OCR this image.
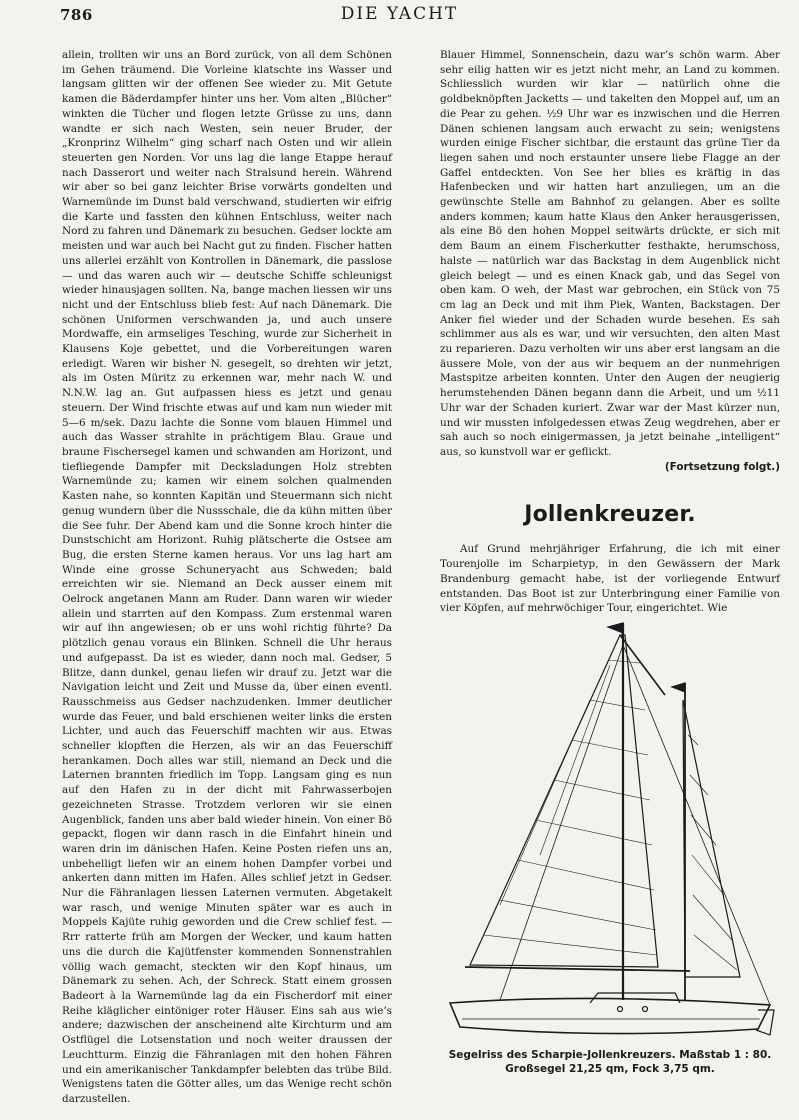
786	DIE YACHT

allein, trollten wir uns an Bord zurück, von all dem Schönen im Gehen träumend. Die Vorleine klatschte ins Wasser und langsam glitten wir der offenen See wieder zu. Mit Getute kamen die Bäderdampfer hinter uns her. Vom alten „Blücher“ winkten die Tücher und flogen letzte Grüsse zu uns, dann wandte er sich nach Westen, sein neuer Bruder, der „Kronprinz Wilhelm“ ging scharf nach Osten und wir allein steuerten gen Norden. Vor uns lag die lange Etappe herauf nach Dasserort und weiter nach Stralsund herein. Während wir aber so bei ganz leichter Brise vorwärts gondelten und Warnemünde im Dunst bald verschwand, studierten wir eifrig die Karte und fassten den kühnen Entschluss, weiter nach Nord zu fahren und Dänemark zu besuchen. Gedser lockte am meisten und war auch bei Nacht gut zu finden. Fischer hatten uns allerlei erzählt von Kontrollen in Dänemark, die passlose — und das waren auch wir — deutsche Schiffe schleunigst wieder hinausjagen sollten. Na, bange machen liessen wir uns nicht und der Entschluss blieb fest: Auf nach Dänemark. Die schönen Uniformen verschwanden ja, und auch unsere Mordwaffe, ein armseliges Tesching, wurde zur Sicherheit in Klausens Koje gebettet, und die Vorbereitungen waren erledigt. Waren wir bisher N. gesegelt, so drehten wir jetzt, als im Osten Müritz zu erkennen war, mehr nach W. und N.N.W. lag an. Gut aufpassen hiess es jetzt und genau steuern. Der Wind frischte etwas auf und kam nun wieder mit 5—6 m/sek. Dazu lachte die Sonne vom blauen Himmel und auch das Wasser strahlte in prächtigem Blau. Graue und braune Fischersegel kamen und schwanden am Horizont, und tiefliegende Dampfer mit Decksladungen Holz strebten Warnemünde zu; kamen wir einem solchen qualmenden Kasten nahe, so konnten Kapitän und Steuermann sich nicht genug wundern über die Nussschale, die da kühn mitten über die See fuhr. Der Abend kam und die Sonne kroch hinter die Dunstschicht am Horizont. Ruhig plätscherte die Ostsee am Bug, die ersten Sterne kamen heraus. Vor uns lag hart am Winde eine grosse Schuneryacht aus Schweden; bald erreichten wir sie. Niemand an Deck ausser einem mit Oelrock angetanen Mann am Ruder. Dann waren wir wieder allein und starrten auf den Kompass. Zum erstenmal waren wir auf ihn angewiesen; ob er uns wohl richtig führte? Da plötzlich genau voraus ein Blinken. Schnell die Uhr heraus und aufgepasst. Da ist es wieder, dann noch mal. Gedser, 5 Blitze, dann dunkel, genau liefen wir drauf zu. Jetzt war die Navigation leicht und Zeit und Musse da, über einen eventl. Rausschmeiss aus Gedser nachzudenken. Immer deutlicher wurde das Feuer, und bald erschienen weiter links die ersten Lichter, und auch das Feuerschiff machten wir aus. Etwas schneller klopften die Herzen, als wir an das Feuerschiff herankamen. Doch alles war still, niemand an Deck und die Laternen brannten friedlich im Topp. Langsam ging es nun auf den Hafen zu in der dicht mit Fahrwasserbojen gezeichneten Strasse. Trotzdem verloren wir sie einen Augenblick, fanden uns aber bald wieder hinein. Von einer Bö gepackt, flogen wir dann rasch in die Einfahrt hinein und waren drin im dänischen Hafen. Keine Posten riefen uns an, unbehelligt liefen wir an einem hohen Dampfer vorbei und ankerten dann mitten im Hafen. Alles schlief jetzt in Gedser. Nur die Fähranlagen liessen Laternen vermuten. Abgetakelt war rasch, und wenige Minuten später war es auch in Moppels Kajüte ruhig geworden und die Crew schlief fest. — Rrr ratterte früh am Morgen der Wecker, und kaum hatten uns die durch die Kajütfenster kommenden Sonnenstrahlen völlig wach gemacht, steckten wir den Kopf hinaus, um Dänemark zu sehen. Ach, der Schreck. Statt einem grossen Badeort à la Warnemünde lag da ein Fischerdorf mit einer Reihe kläglicher eintöniger roter Häuser. Eins sah aus wie’s andere; dazwischen der anscheinend alte Kirchturm und am Ostflügel die Lotsenstation und noch weiter draussen der Leuchtturm. Einzig die Fähranlagen mit den hohen Fähren und ein amerikanischer Tankdampfer belebten das trübe Bild. Wenigstens taten die Götter alles, um das Wenige recht schön darzustellen.

Blauer Himmel, Sonnenschein, dazu war’s schön warm. Aber sehr eilig hatten wir es jetzt nicht mehr, an Land zu kommen. Schliesslich wurden wir klar — natürlich ohne die goldbeknöpften Jacketts — und takelten den Moppel auf, um an die Pear zu gehen. ½9 Uhr war es inzwischen und die Herren Dänen schienen langsam auch erwacht zu sein; wenigstens wurden einige Fischer sichtbar, die erstaunt das grüne Tier da liegen sahen und noch erstaunter unsere liebe Flagge an der Gaffel entdeckten. Von See her blies es kräftig in das Hafenbecken und wir hatten hart anzuliegen, um an die gewünschte Stelle am Bahnhof zu gelangen. Aber es sollte anders kommen; kaum hatte Klaus den Anker herausgerissen, als eine Bö den hohen Moppel seitwärts drückte, er sich mit dem Baum an einem Fischerkutter festhakte, herumschoss, halste — natürlich war das Backstag in dem Augenblick nicht gleich belegt — und es einen Knack gab, und das Segel von oben kam. O weh, der Mast war gebrochen, ein Stück von 75 cm lag an Deck und mit ihm Piek, Wanten, Backstagen. Der Anker fiel wieder und der Schaden wurde besehen. Es sah schlimmer aus als es war, und wir versuchten, den alten Mast zu reparieren. Dazu verholten wir uns aber erst langsam an die äussere Mole, von der aus wir bequem an der nunmehrigen Mastspitze arbeiten konnten. Unter den Augen der neugierig herumstehenden Dänen begann dann die Arbeit, und um ½11 Uhr war der Schaden kuriert. Zwar war der Mast kürzer nun, und wir mussten infolgedessen etwas Zeug wegdrehen, aber er sah auch so noch einigermassen, ja jetzt beinahe „intelligent“ aus, so kunstvoll war er geflickt.

(Fortsetzung folgt.)

Jollenkreuzer.

Auf Grund mehrjähriger Erfahrung, die ich mit einer Tourenjolle im Scharpietyp, in den Gewässern der Mark Brandenburg gemacht habe, ist der vorliegende Entwurf entstanden. Das Boot ist zur Unterbringung einer Familie von vier Köpfen, auf mehrwöchiger Tour, eingerichtet. Wie

Segelriss des Scharpie-Jollenkreuzers. Maßstab 1 : 80.
Großsegel 21,25 qm, Fock 3,75 qm.
